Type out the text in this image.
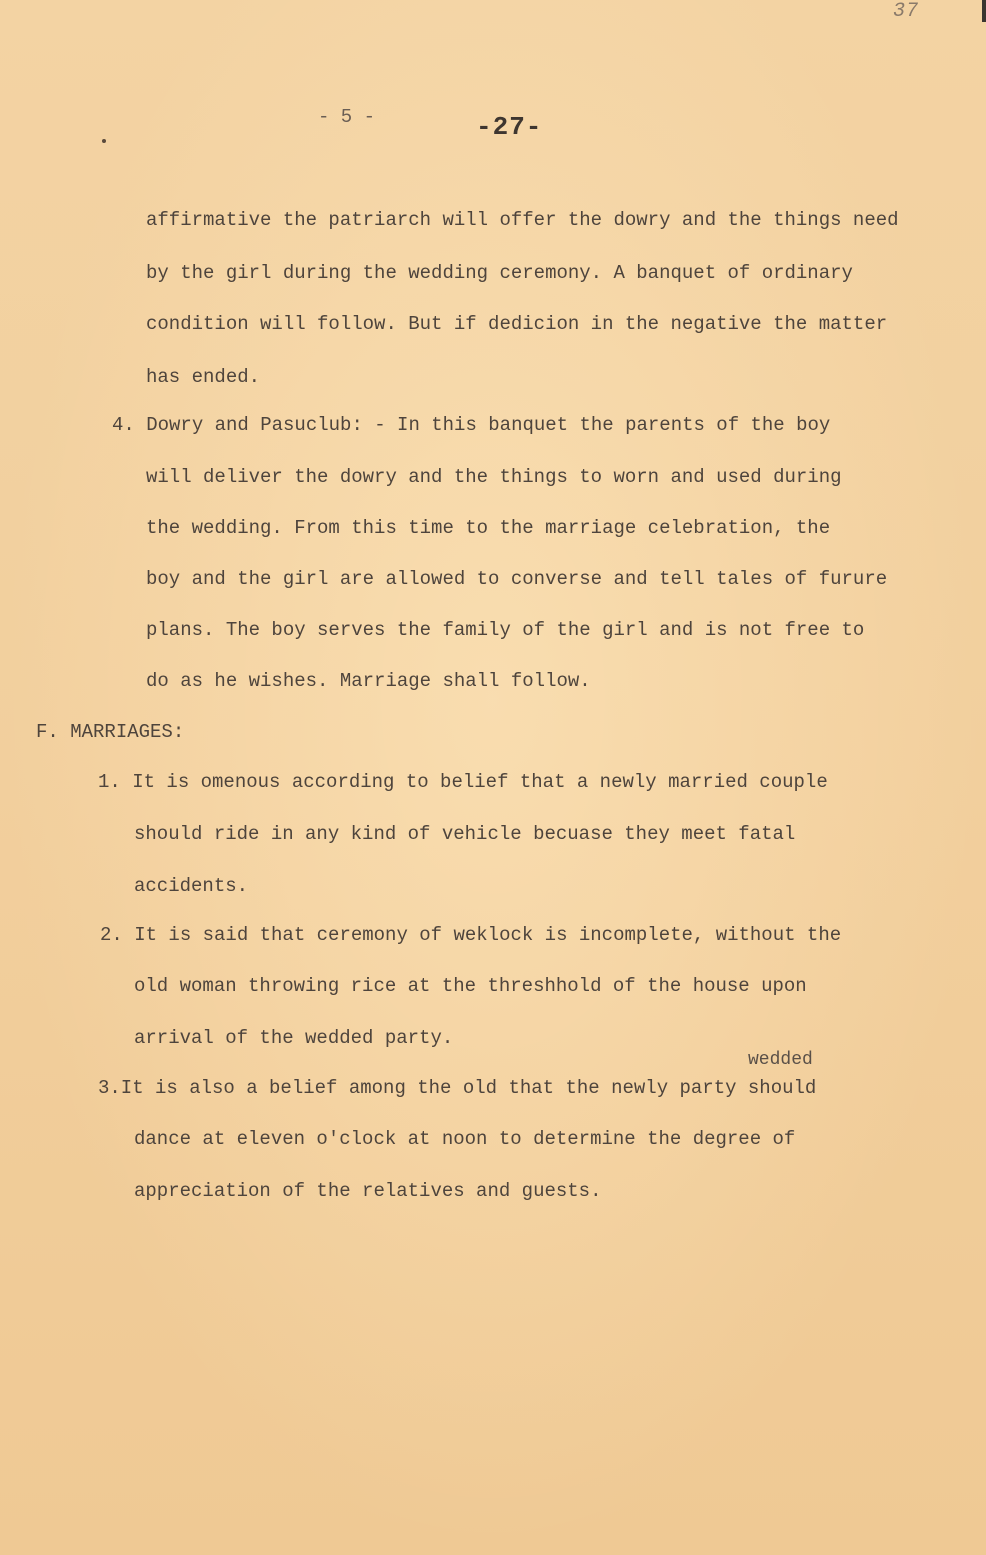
37
- 5 -	-27-
affirmative the patriarch will offer the dowry and the things need
by the girl during the wedding ceremony. A banquet of ordinary
condition will follow. But if dedicion in the negative the matter
has ended.
4. Dowry and Pasuclub: - In this banquet the parents of the boy
will deliver the dowry and the things to worn and used during
the wedding. From this time to the marriage celebration, the
boy and the girl are allowed to converse and tell tales of furure
plans. The boy serves the family of the girl and is not free to
do as he wishes. Marriage shall follow.
F. MARRIAGES:
1. It is omenous according to belief that a newly married couple
should ride in any kind of vehicle becuase they meet fatal
accidents.
2. It is said that ceremony of weklock is incomplete, without the
old woman throwing rice at the threshhold of the house upon
arrival of the wedded party.
wedded
3.It is also a belief among the old that the newly party should
dance at eleven o'clock at noon to determine the degree of
appreciation of the relatives and guests.
